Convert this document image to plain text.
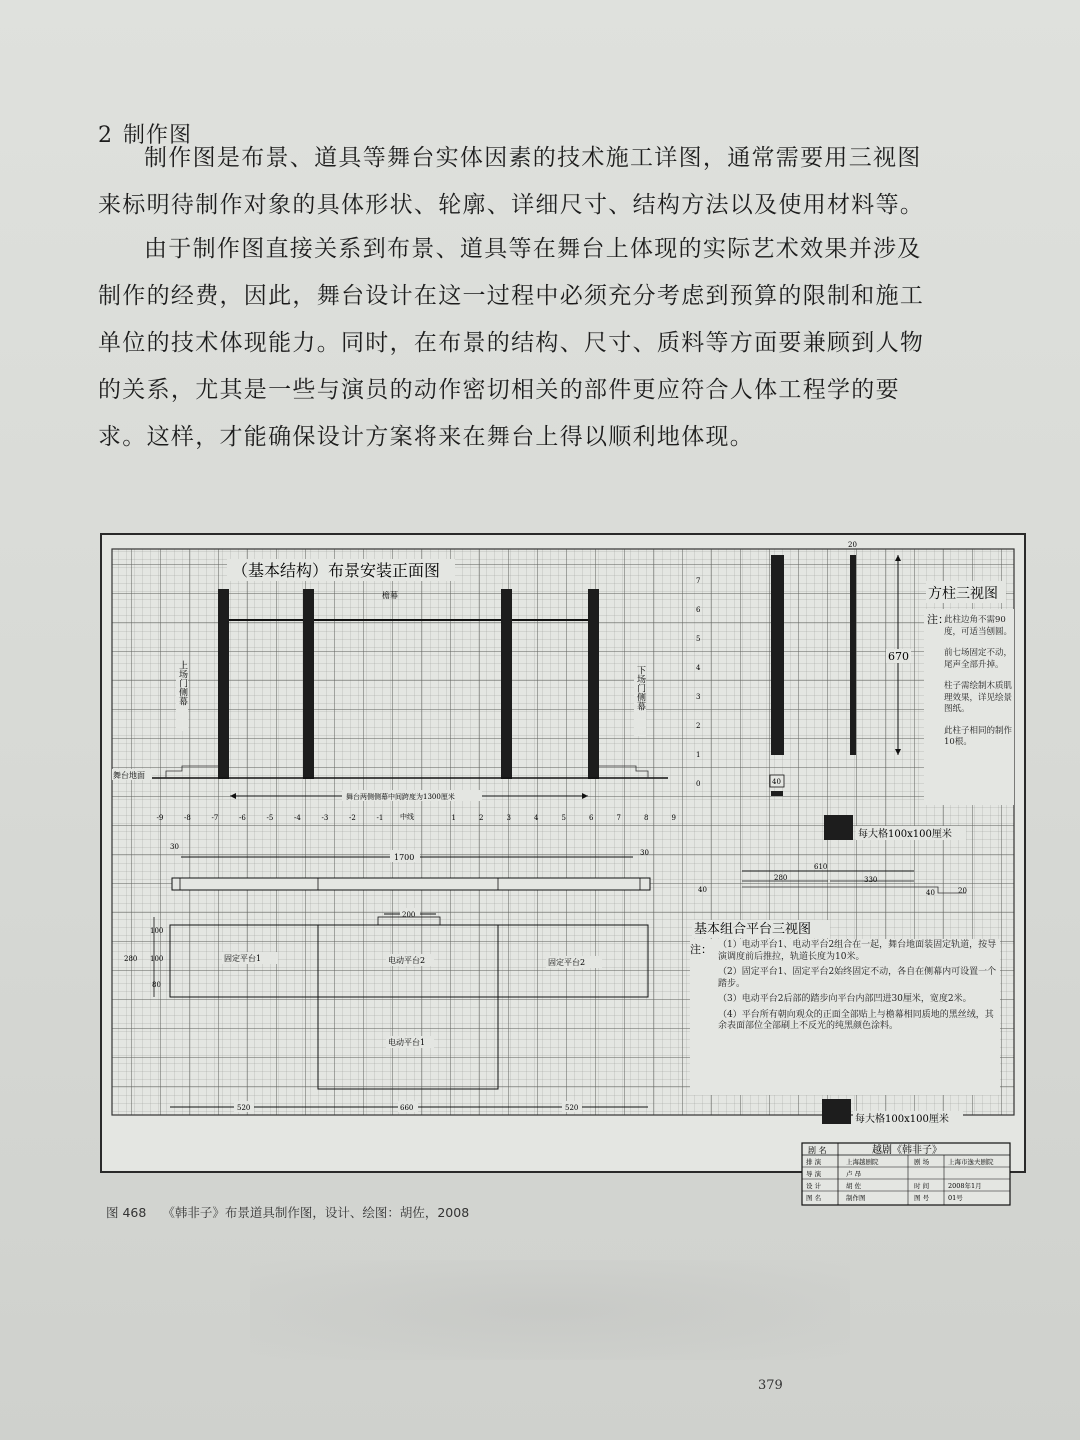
2 制作图

制作图是布景、道具等舞台实体因素的技术施工详图，通常需要用三视图来标明待制作对象的具体形状、轮廓、详细尺寸、结构方法以及使用材料等。

由于制作图直接关系到布景、道具等在舞台上体现的实际艺术效果并涉及制作的经费，因此，舞台设计在这一过程中必须充分考虑到预算的限制和施工单位的技术体现能力。同时，在布景的结构、尺寸、质料等方面要兼顾到人物的关系，尤其是一些与演员的动作密切相关的部件更应符合人体工程学的要求。这样，才能确保设计方案将来在舞台上得以顺利地体现。

（基本结构）布景安装正面图
檐幕
上场门侧幕	下场门侧幕
舞台地面
舞台两侧侧幕中间跨度为1300厘米
-9	-8	-7	-6	-5	-4	-3	-2	-1	1	2	3	4	5	6	7	8	9
中线
7
6
5
4
3
2
1
0
20
670
40
方柱三视图
注：
此柱边角不需90度，可适当刨圆。
前七场固定不动，尾声全部升掉。
柱子需绘制木质肌理效果，详见绘景图纸。
此柱子相同的制作10根。
每大格100x100厘米
1700
30
30
200
固定平台1	电动平台2	固定平台2
电动平台1
280
100
100
80
520	660	520
610
280	330
40	40	20
基本组合平台三视图
注： （1）电动平台1、电动平台2组合在一起，舞台地面装固定轨道，按导演调度前后推拉，轨道长度为10米。
（2）固定平台1、固定平台2始终固定不动，各自在侧幕内可设置一个踏步。
（3）电动平台2后部的踏步向平台内部凹进30厘米，宽度2米。
（4）平台所有朝向观众的正面全部贴上与檐幕相同质地的黑丝绒，其余表面部位全部刷上不反光的纯黑颜色涂料。
每大格100x100厘米
剧 名	越剧《韩非子》
排 演	上海越剧院	剧 场	上海市逸夫剧院
导 演	卢 昂
设 计	胡 佐	时 间	2008年1月
图 名	制作图	图 号	01号
图 468 《韩非子》布景道具制作图，设计、绘图：胡佐，2008
379
